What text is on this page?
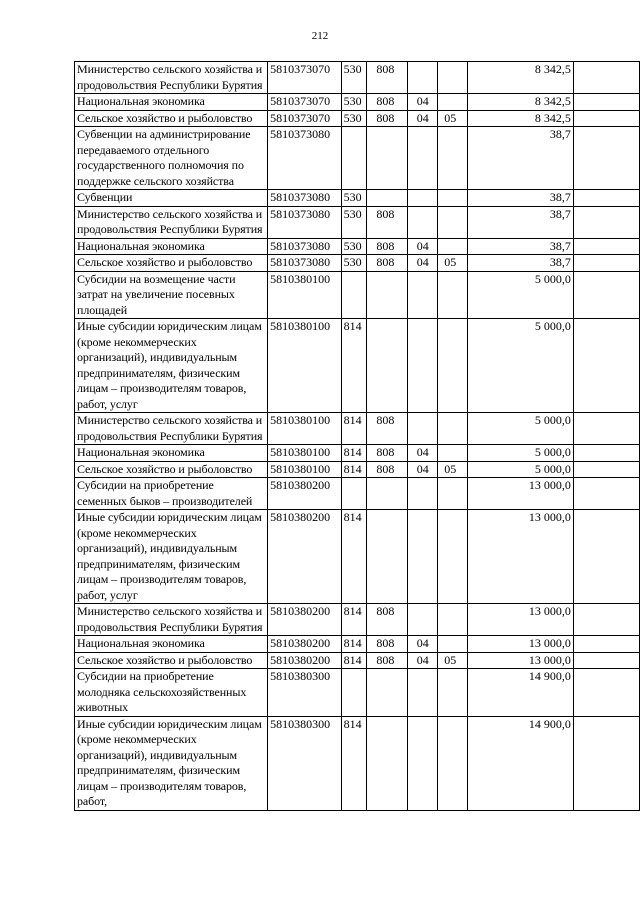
212
Министерство сельского хозяйства и продовольствия Республики Бурятия	5810373070	530	808			8 342,5	
Национальная экономика	5810373070	530	808	04		8 342,5	
Сельское хозяйство и рыболовство	5810373070	530	808	04	05	8 342,5	
Субвенции на администрирование передаваемого отдельного государственного полномочия по поддержке сельского хозяйства	5810373080					38,7	
Субвенции	5810373080	530				38,7	
Министерство сельского хозяйства и продовольствия Республики Бурятия	5810373080	530	808			38,7	
Национальная экономика	5810373080	530	808	04		38,7	
Сельское хозяйство и рыболовство	5810373080	530	808	04	05	38,7	
Субсидии на возмещение части затрат на увеличение посевных площадей	5810380100					5 000,0	
Иные субсидии юридическим лицам (кроме некоммерческих организаций), индивидуальным предпринимателям, физическим лицам – производителям товаров, работ, услуг	5810380100	814				5 000,0	
Министерство сельского хозяйства и продовольствия Республики Бурятия	5810380100	814	808			5 000,0	
Национальная экономика	5810380100	814	808	04		5 000,0	
Сельское хозяйство и рыболовство	5810380100	814	808	04	05	5 000,0	
Субсидии на приобретение семенных быков – производителей	5810380200					13 000,0	
Иные субсидии юридическим лицам (кроме некоммерческих организаций), индивидуальным предпринимателям, физическим лицам – производителям товаров, работ, услуг	5810380200	814				13 000,0	
Министерство сельского хозяйства и продовольствия Республики Бурятия	5810380200	814	808			13 000,0	
Национальная экономика	5810380200	814	808	04		13 000,0	
Сельское хозяйство и рыболовство	5810380200	814	808	04	05	13 000,0	
Субсидии на приобретение молодняка сельскохозяйственных животных	5810380300					14 900,0	
Иные субсидии юридическим лицам (кроме некоммерческих организаций), индивидуальным предпринимателям, физическим лицам – производителям товаров, работ,	5810380300	814				14 900,0	
